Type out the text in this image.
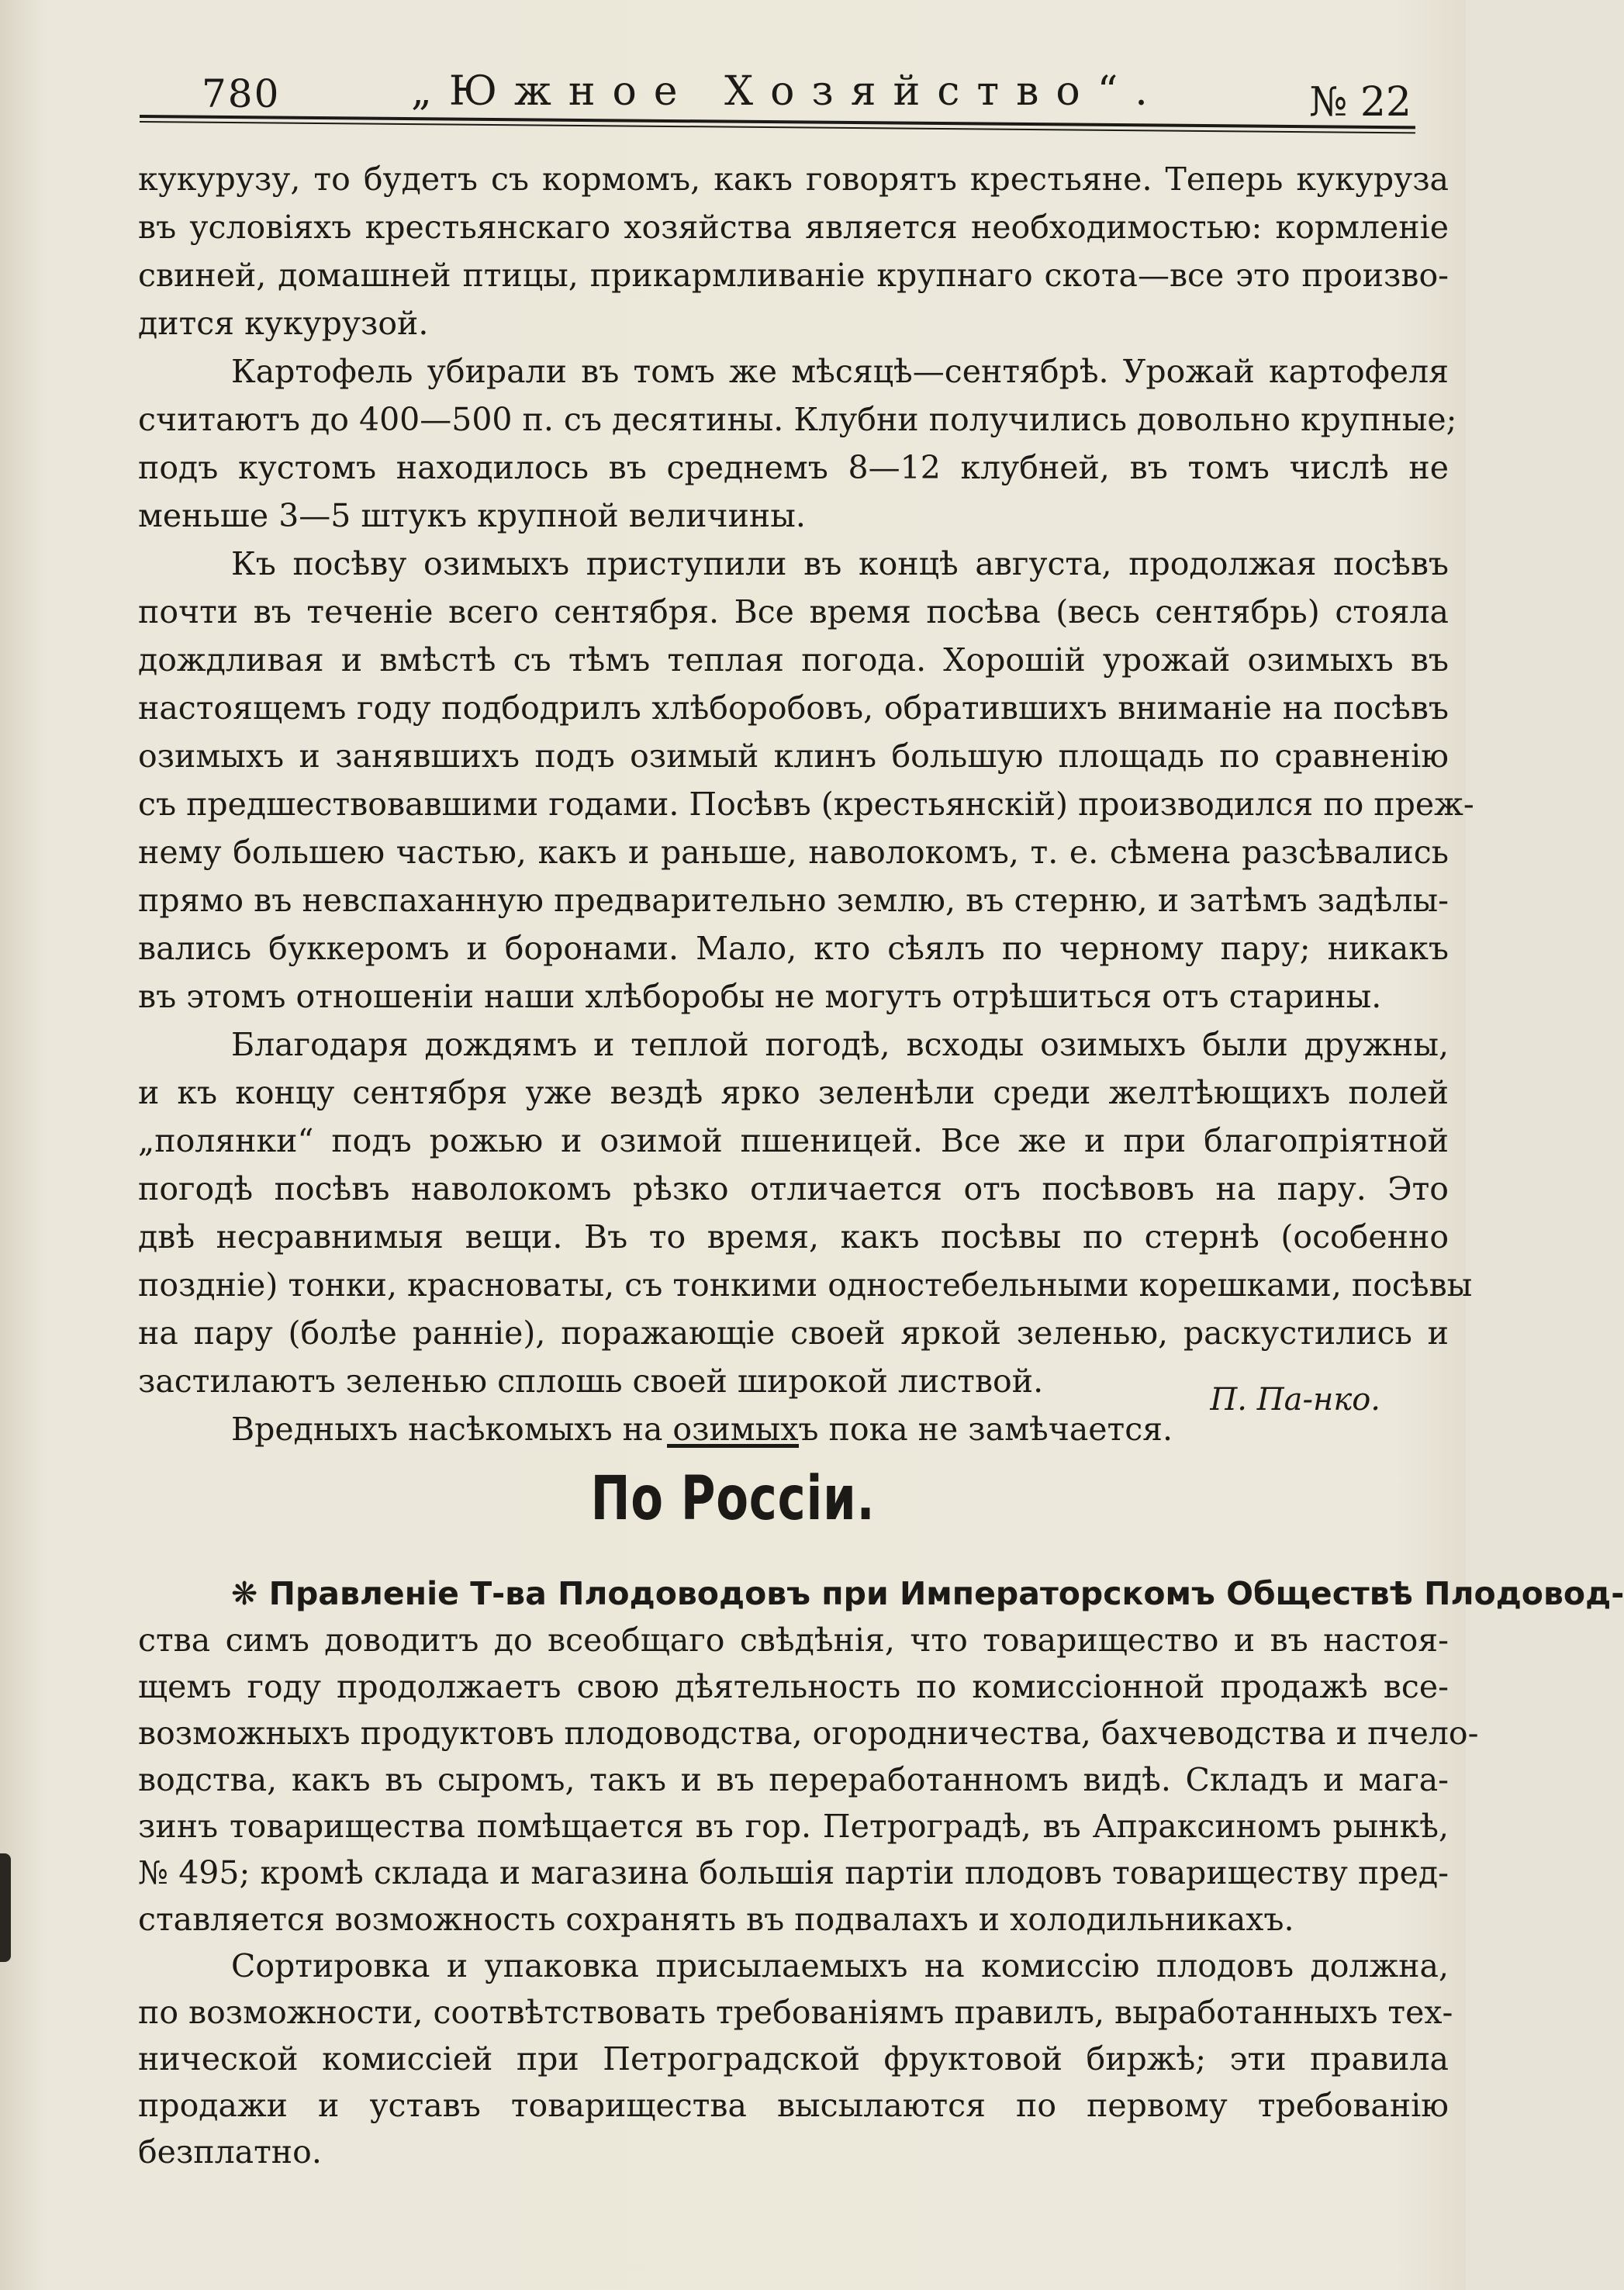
780	„Южное Хозяйство“.	№ 22
кукурузу, то будетъ съ кормомъ, какъ говорятъ крестьяне. Теперь кукуруза
въ условіяхъ крестьянскаго хозяйства является необходимостью: кормленіе
свиней, домашней птицы, прикармливаніе крупнаго скота—все это произво-
дится кукурузой.
Картофель убирали въ томъ же мѣсяцѣ—сентябрѣ. Урожай картофеля
считаютъ до 400—500 п. съ десятины. Клубни получились довольно крупные;
подъ кустомъ находилось въ среднемъ 8—12 клубней, въ томъ числѣ не
меньше 3—5 штукъ крупной величины.
Къ посѣву озимыхъ приступили въ концѣ августа, продолжая посѣвъ
почти въ теченіе всего сентября. Все время посѣва (весь сентябрь) стояла
дождливая и вмѣстѣ съ тѣмъ теплая погода. Хорошій урожай озимыхъ въ
настоящемъ году подбодрилъ хлѣборобовъ, обратившихъ вниманіе на посѣвъ
озимыхъ и занявшихъ подъ озимый клинъ большую площадь по сравненію
съ предшествовавшими годами. Посѣвъ (крестьянскій) производился по преж-
нему большею частью, какъ и раньше, наволокомъ, т. е. сѣмена разсѣвались
прямо въ невспаханную предварительно землю, въ стерню, и затѣмъ задѣлы-
вались буккеромъ и боронами. Мало, кто сѣялъ по черному пару; никакъ
въ этомъ отношеніи наши хлѣборобы не могутъ отрѣшиться отъ старины.
Благодаря дождямъ и теплой погодѣ, всходы озимыхъ были дружны,
и къ концу сентября уже вездѣ ярко зеленѣли среди желтѣющихъ полей
„полянки“ подъ рожью и озимой пшеницей. Все же и при благопріятной
погодѣ посѣвъ наволокомъ рѣзко отличается отъ посѣвовъ на пару. Это
двѣ несравнимыя вещи. Въ то время, какъ посѣвы по стернѣ (особенно
поздніе) тонки, красноваты, съ тонкими одностебельными корешками, посѣвы
на пару (болѣе ранніе), поражающіе своей яркой зеленью, раскустились и
застилаютъ зеленью сплошь своей широкой листвой.
Вредныхъ насѣкомыхъ на озимыхъ пока не замѣчается.
П. Па-нко.
По Россіи.
❋ Правленіе Т-ва Плодоводовъ при Императорскомъ Обществѣ Плодовод-
ства симъ доводитъ до всеобщаго свѣдѣнія, что товарищество и въ настоя-
щемъ году продолжаетъ свою дѣятельность по комиссіонной продажѣ все-
возможныхъ продуктовъ плодоводства, огородничества, бахчеводства и пчело-
водства, какъ въ сыромъ, такъ и въ переработанномъ видѣ. Складъ и мага-
зинъ товарищества помѣщается въ гор. Петроградѣ, въ Апраксиномъ рынкѣ,
№ 495; кромѣ склада и магазина большія партіи плодовъ товариществу пред-
ставляется возможность сохранять въ подвалахъ и холодильникахъ.
Сортировка и упаковка присылаемыхъ на комиссію плодовъ должна,
по возможности, соотвѣтствовать требованіямъ правилъ, выработанныхъ тех-
нической комиссіей при Петроградской фруктовой биржѣ; эти правила
продажи и уставъ товарищества высылаются по первому требованію
безплатно.
